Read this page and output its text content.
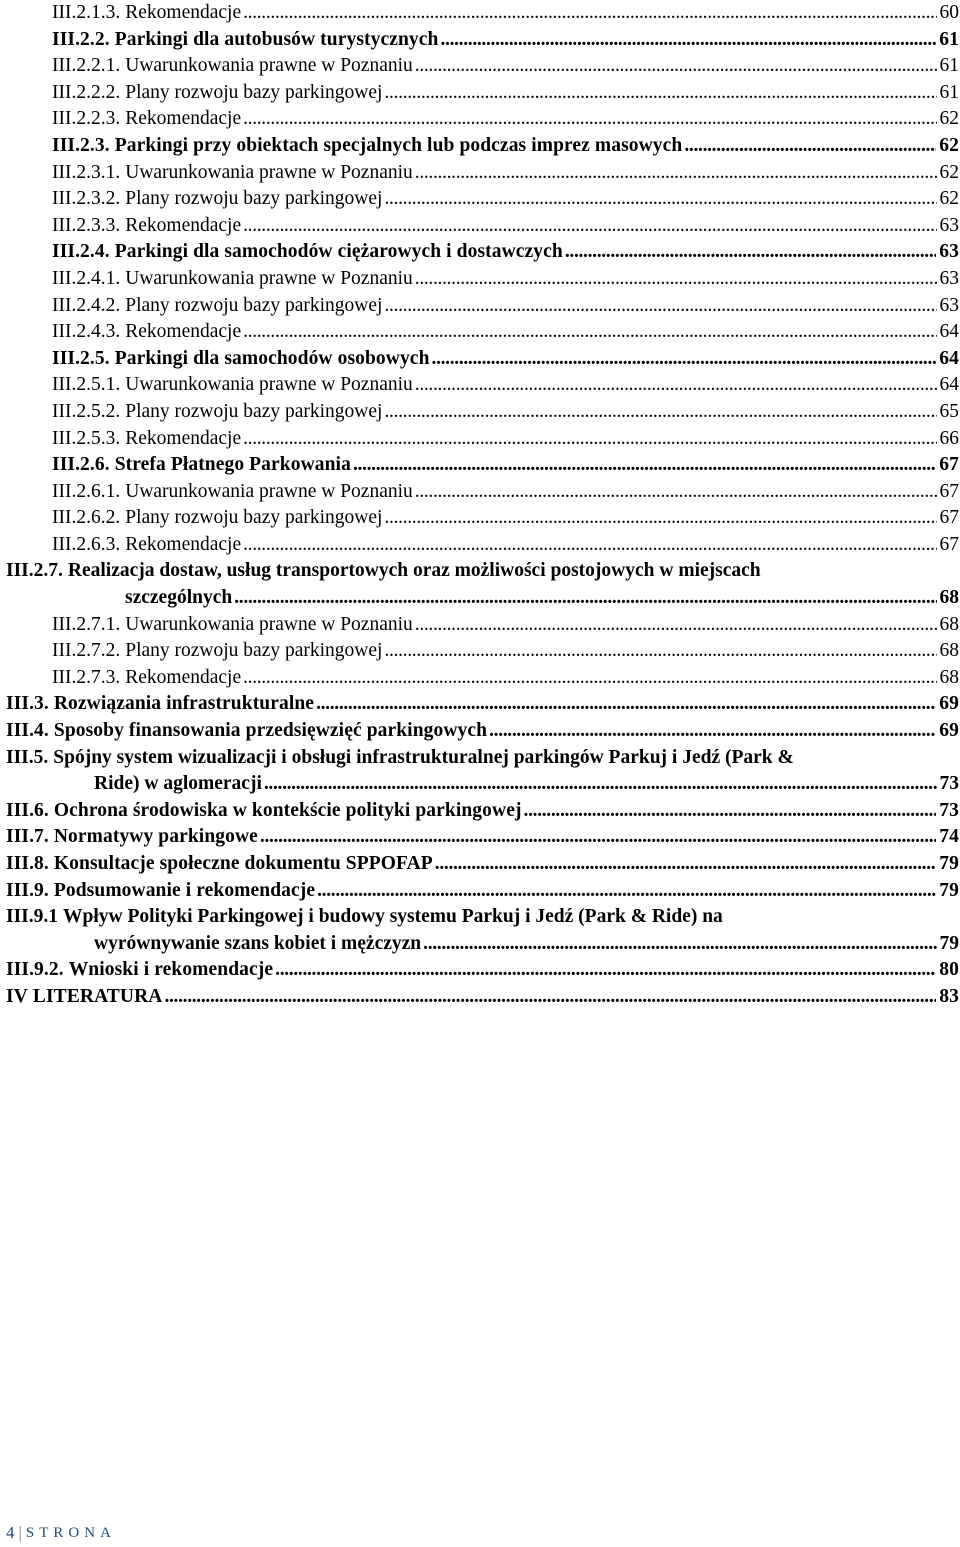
III.2.1.3. Rekomendacje . . .	60
III.2.2. Parkingi dla autobusów turystycznych . . .	61
III.2.2.1. Uwarunkowania prawne w Poznaniu . . .	61
III.2.2.2. Plany rozwoju bazy parkingowej . . .	61
III.2.2.3. Rekomendacje . . .	62
III.2.3. Parkingi przy obiektach specjalnych lub podczas imprez masowych . . .	62
III.2.3.1. Uwarunkowania prawne w Poznaniu . . .	62
III.2.3.2. Plany rozwoju bazy parkingowej . . .	62
III.2.3.3. Rekomendacje . . .	63
III.2.4. Parkingi dla samochodów ciężarowych i dostawczych . . .	63
III.2.4.1. Uwarunkowania prawne w Poznaniu . . .	63
III.2.4.2. Plany rozwoju bazy parkingowej . . .	63
III.2.4.3. Rekomendacje . . .	64
III.2.5. Parkingi dla samochodów osobowych . . .	64
III.2.5.1. Uwarunkowania prawne w Poznaniu . . .	64
III.2.5.2. Plany rozwoju bazy parkingowej . . .	65
III.2.5.3. Rekomendacje . . .	66
III.2.6. Strefa Płatnego Parkowania . . .	67
III.2.6.1. Uwarunkowania prawne w Poznaniu . . .	67
III.2.6.2. Plany rozwoju bazy parkingowej . . .	67
III.2.6.3. Rekomendacje . . .	67
III.2.7. Realizacja dostaw, usług transportowych oraz możliwości postojowych w miejscach
szczególnych . . .	68
III.2.7.1. Uwarunkowania prawne w Poznaniu . . .	68
III.2.7.2. Plany rozwoju bazy parkingowej . . .	68
III.2.7.3. Rekomendacje . . .	68
III.3. Rozwiązania infrastrukturalne . . .	69
III.4. Sposoby finansowania przedsięwzięć parkingowych . . .	69
III.5. Spójny system wizualizacji i obsługi infrastrukturalnej parkingów Parkuj i Jedź (Park &
Ride) w aglomeracji . . .	73
III.6. Ochrona środowiska w kontekście polityki parkingowej . . .	73
III.7. Normatywy parkingowe . . .	74
III.8. Konsultacje społeczne dokumentu SPPOFAP . . .	79
III.9. Podsumowanie i rekomendacje . . .	79
III.9.1 Wpływ Polityki Parkingowej i budowy systemu Parkuj i Jedź (Park & Ride) na
wyrównywanie szans kobiet i mężczyzn . . .	79
III.9.2. Wnioski i rekomendacje . . .	80
IV LITERATURA . . .	83
4 | STRONA
